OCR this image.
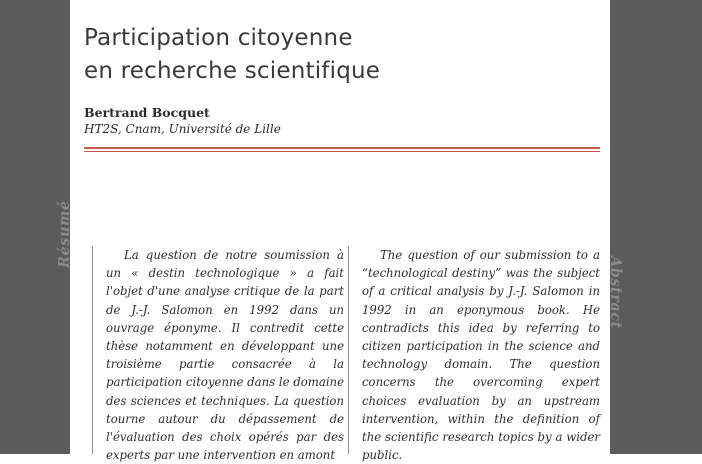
Participation citoyenne
en recherche scientifique
Bertrand Bocquet
HT2S, Cnam, Université de Lille
Résumé
Abstract

La question de notre soumission à un « destin technologique » a fait l'objet d'une analyse critique de la part de J.-J. Salomon en 1992 dans un ouvrage éponyme. Il contredit cette thèse notamment en développant une troisième partie consacrée à la participation citoyenne dans le domaine des sciences et techniques. La question tourne autour du dépassement de l'évaluation des choix opérés par des experts par une intervention en amont

The question of our submission to a “technological destiny” was the subject of a critical analysis by J.-J. Salomon in 1992 in an eponymous book. He contradicts this idea by referring to citizen participation in the science and technology domain. The question concerns the overcoming expert choices evaluation by an upstream intervention, within the definition of the scientific research topics by a wider public.
